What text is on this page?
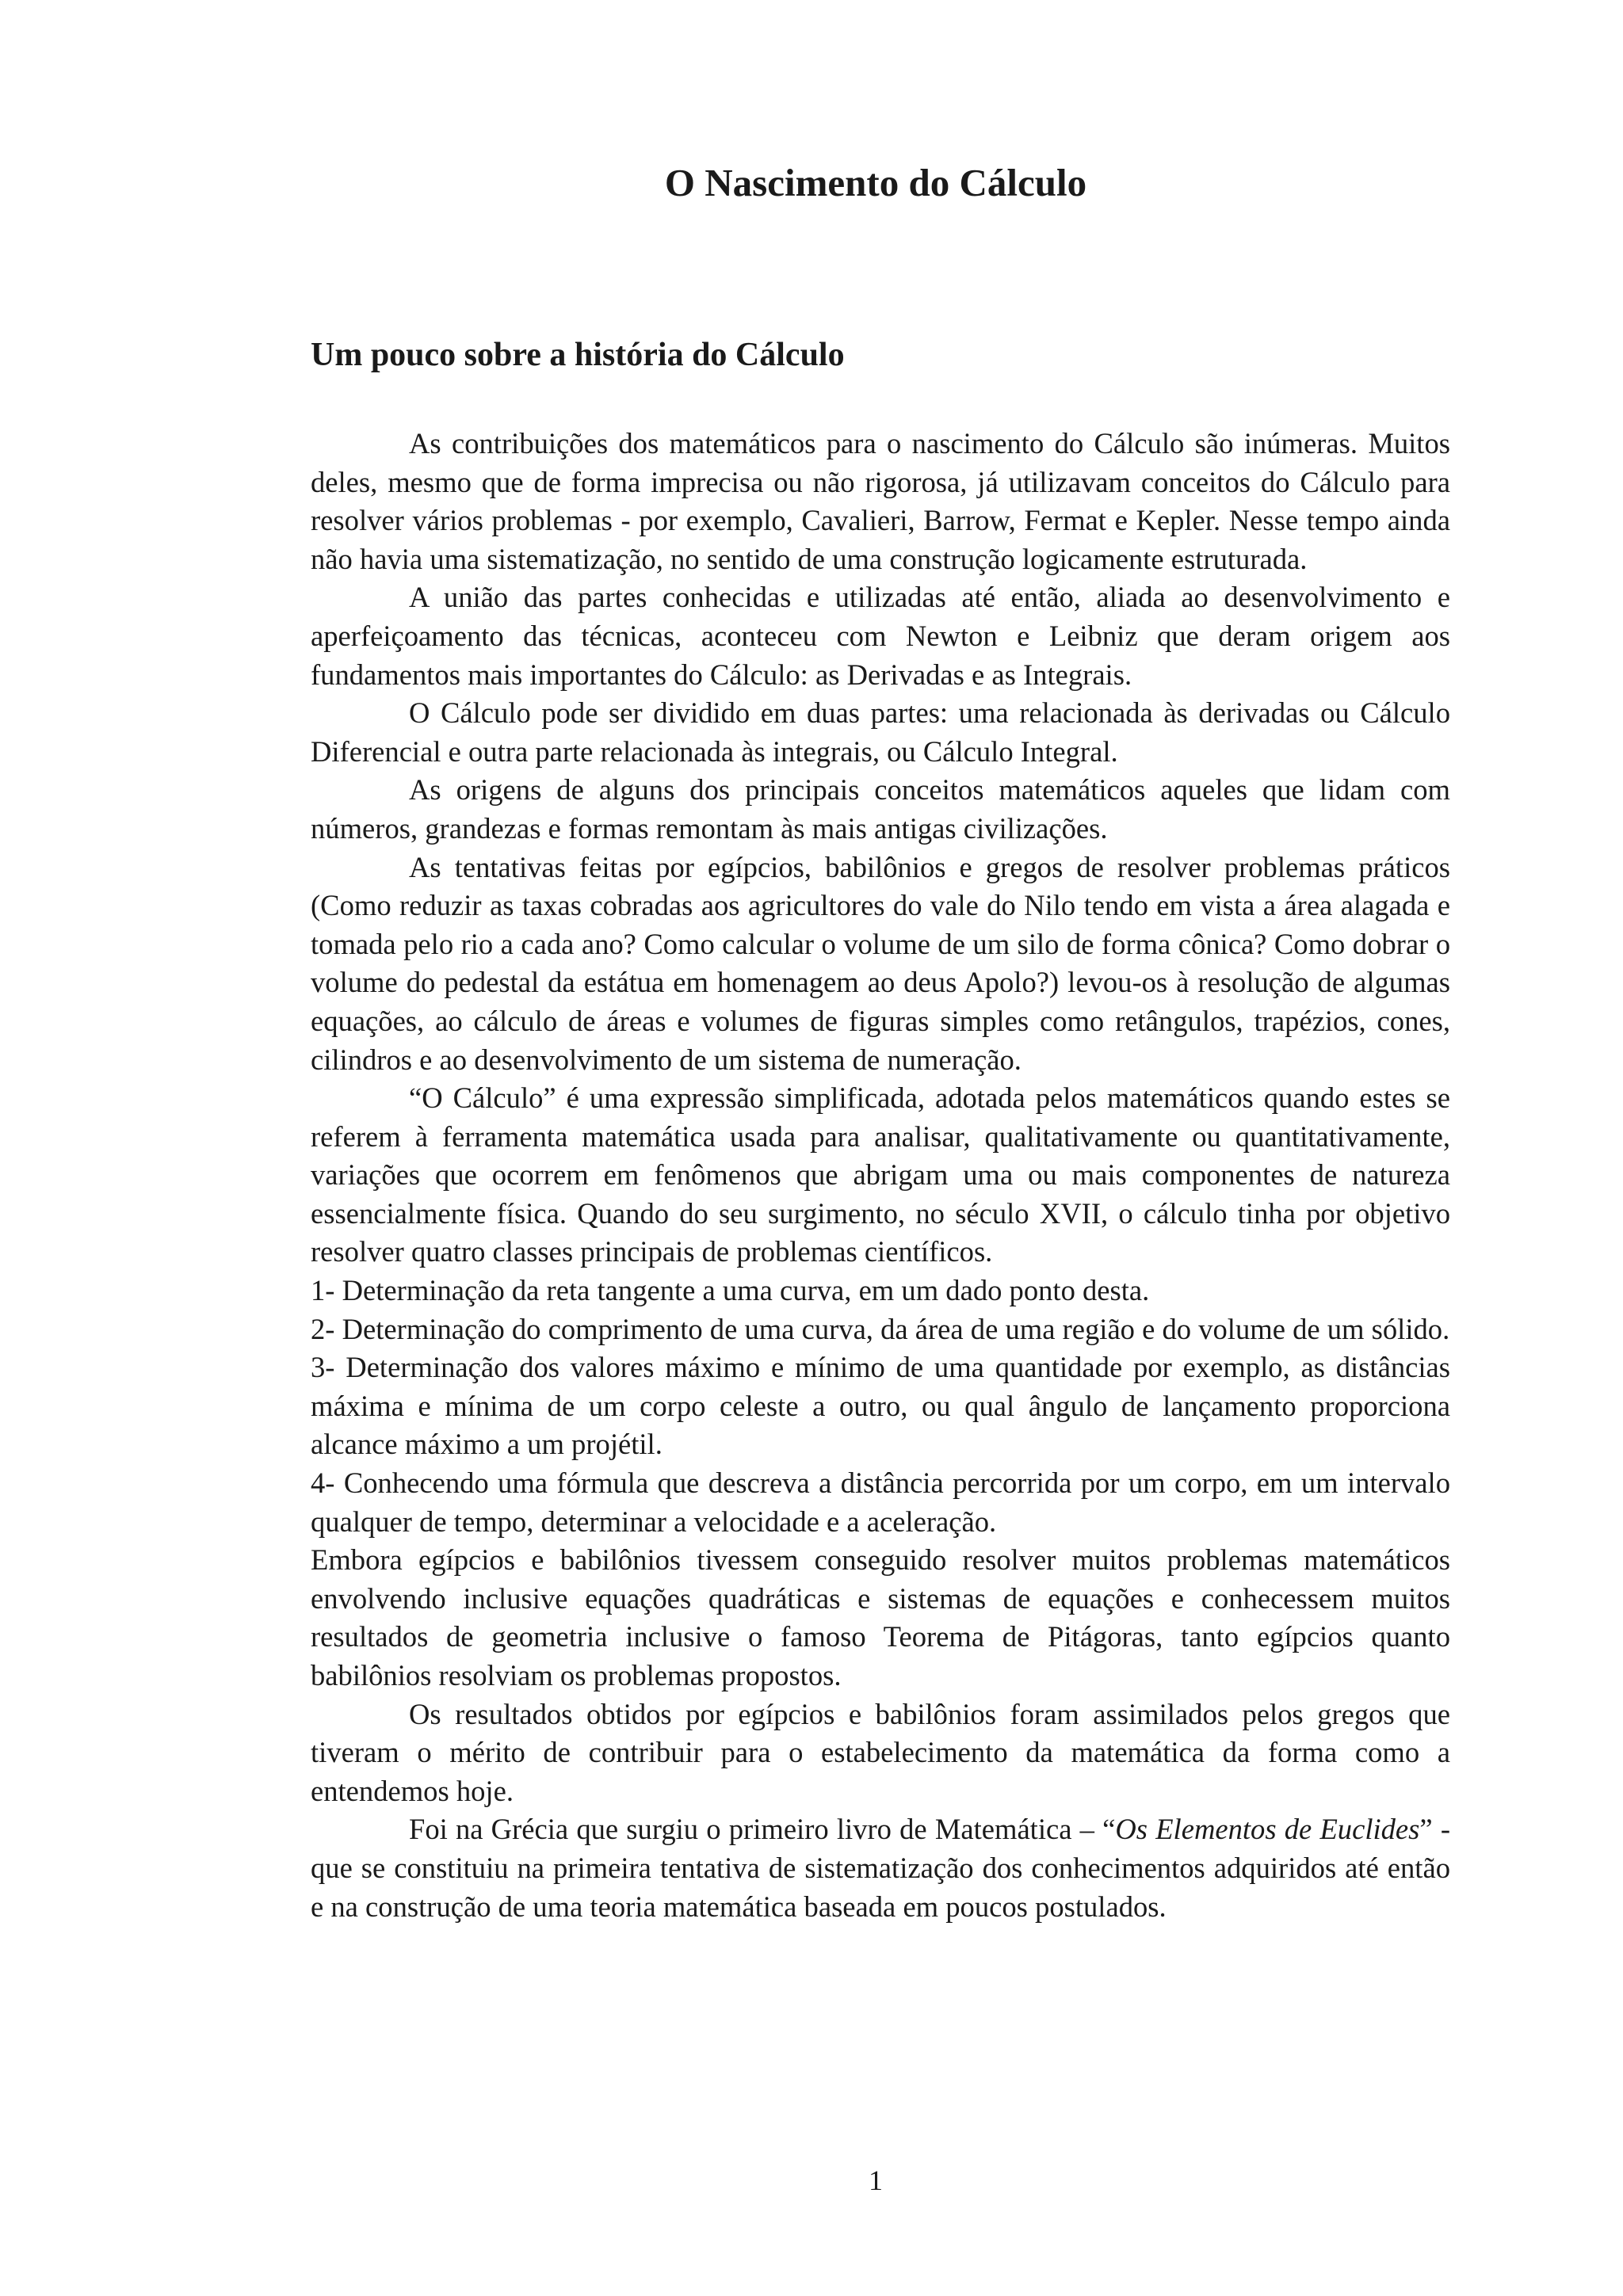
O Nascimento do Cálculo
Um pouco sobre a história do Cálculo

As contribuições dos matemáticos para o nascimento do Cálculo são inúmeras. Muitos deles, mesmo que de forma imprecisa ou não rigorosa, já utilizavam conceitos do Cálculo para resolver vários problemas - por exemplo, Cavalieri, Barrow, Fermat e Kepler. Nesse tempo ainda não havia uma sistematização, no sentido de uma construção logicamente estruturada.

A união das partes conhecidas e utilizadas até então, aliada ao desenvolvimento e aperfeiçoamento das técnicas, aconteceu com Newton e Leibniz que deram origem aos fundamentos mais importantes do Cálculo: as Derivadas e as Integrais.

O Cálculo pode ser dividido em duas partes: uma relacionada às derivadas ou Cálculo Diferencial e outra parte relacionada às integrais, ou Cálculo Integral.

As origens de alguns dos principais conceitos matemáticos aqueles que lidam com números, grandezas e formas remontam às mais antigas civilizações.

As tentativas feitas por egípcios, babilônios e gregos de resolver problemas práticos (Como reduzir as taxas cobradas aos agricultores do vale do Nilo tendo em vista a área alagada e tomada pelo rio a cada ano? Como calcular o volume de um silo de forma cônica? Como dobrar o volume do pedestal da estátua em homenagem ao deus Apolo?) levou-os à resolução de algumas equações, ao cálculo de áreas e volumes de figuras simples como retângulos, trapézios, cones, cilindros e ao desenvolvimento de um sistema de numeração.

“O Cálculo” é uma expressão simplificada, adotada pelos matemáticos quando estes se referem à ferramenta matemática usada para analisar, qualitativamente ou quantitativamente, variações que ocorrem em fenômenos que abrigam uma ou mais componentes de natureza essencialmente física. Quando do seu surgimento, no século XVII, o cálculo tinha por objetivo resolver quatro classes principais de problemas científicos.

1- Determinação da reta tangente a uma curva, em um dado ponto desta.

2- Determinação do comprimento de uma curva, da área de uma região e do volume de um sólido.

3- Determinação dos valores máximo e mínimo de uma quantidade por exemplo, as distâncias máxima e mínima de um corpo celeste a outro, ou qual ângulo de lançamento proporciona alcance máximo a um projétil.

4- Conhecendo uma fórmula que descreva a distância percorrida por um corpo, em um intervalo qualquer de tempo, determinar a velocidade e a aceleração.

Embora egípcios e babilônios tivessem conseguido resolver muitos problemas matemáticos envolvendo inclusive equações quadráticas e sistemas de equações e conhecessem muitos resultados de geometria inclusive o famoso Teorema de Pitágoras, tanto egípcios quanto babilônios resolviam os problemas propostos.

Os resultados obtidos por egípcios e babilônios foram assimilados pelos gregos que tiveram o mérito de contribuir para o estabelecimento da matemática da forma como a entendemos hoje.

Foi na Grécia que surgiu o primeiro livro de Matemática – “Os Elementos de Euclides” - que se constituiu na primeira tentativa de sistematização dos conhecimentos adquiridos até então e na construção de uma teoria matemática baseada em poucos postulados.

1
